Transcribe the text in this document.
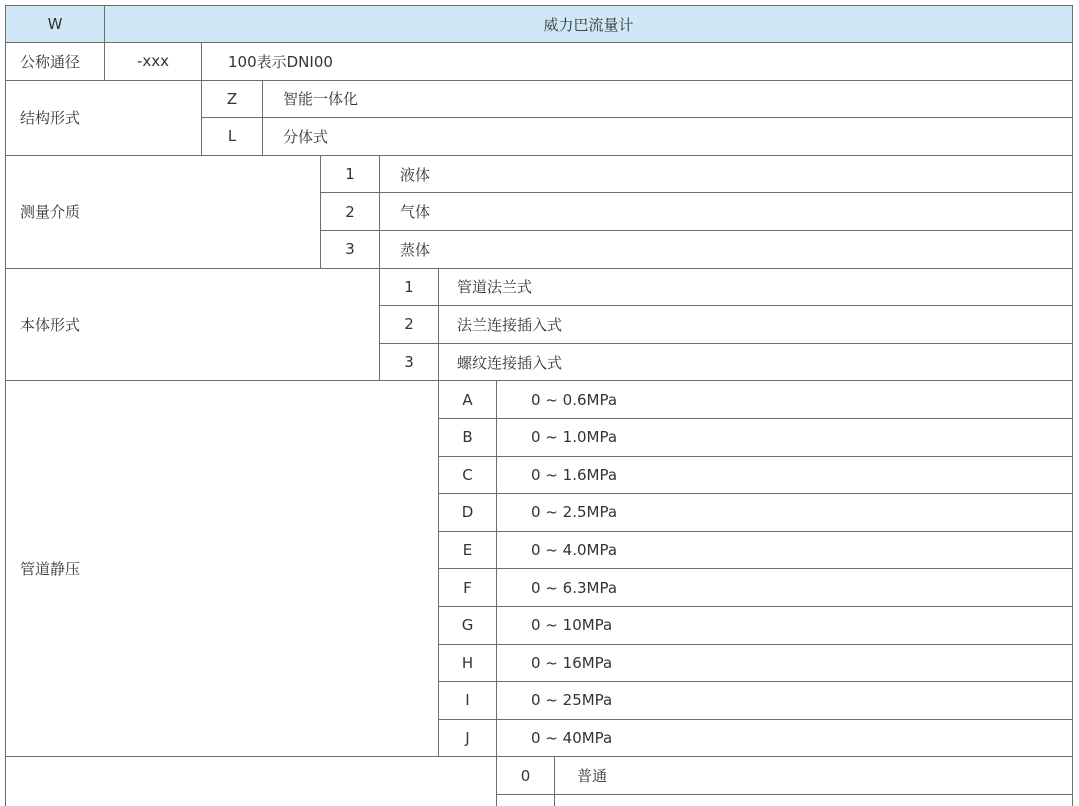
W	威力巴流量计							
公称通径	-xxx	100表示DNI00						
结构形式		Z	智能一体化					
		L	分体式					
测量介质				1	液体			
				2	气体			
				3	蒸体			
本体形式					1	管道法兰式		
					2	法兰连接插入式		
					3	螺纹连接插入式		
管道静压						A	0 ~ 0.6MPa	
						B	0 ~ 1.0MPa	
						C	0 ~ 1.6MPa	
						D	0 ~ 2.5MPa	
						E	0 ~ 4.0MPa	
						F	0 ~ 6.3MPa	
						G	0 ~ 10MPa	
						H	0 ~ 16MPa	
						I	0 ~ 25MPa	
						J	0 ~ 40MPa	
							0	普通
